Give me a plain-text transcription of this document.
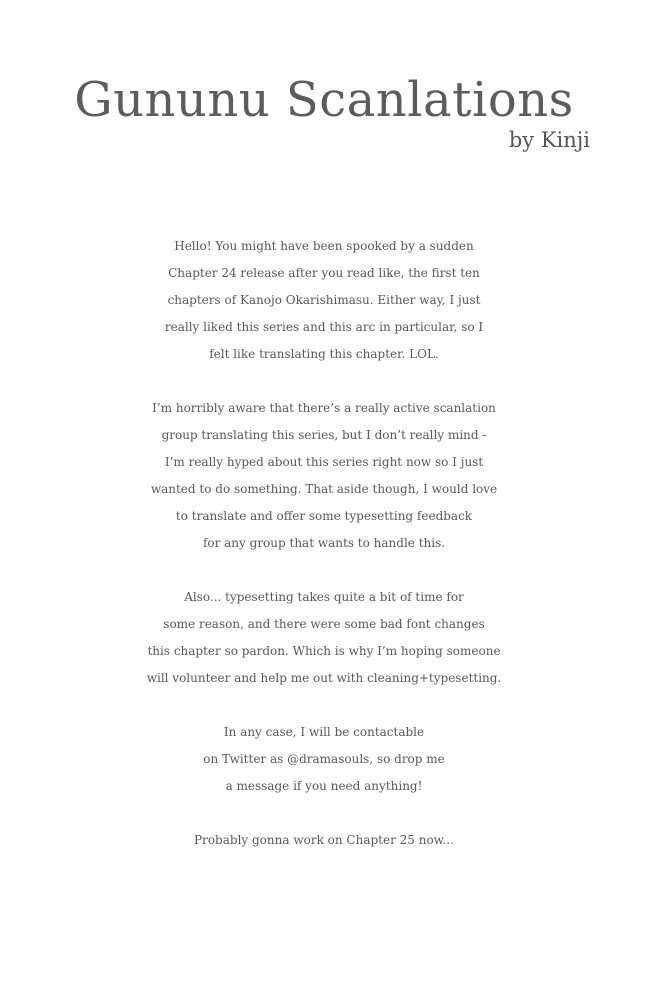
Gununu Scanlations
by Kinji
Hello! You might have been spooked by a sudden
Chapter 24 release after you read like, the first ten
chapters of Kanojo Okarishimasu. Either way, I just
really liked this series and this arc in particular, so I
felt like translating this chapter. LOL.
I’m horribly aware that there’s a really active scanlation
group translating this series, but I don’t really mind -
I’m really hyped about this series right now so I just
wanted to do something. That aside though, I would love
to translate and offer some typesetting feedback
for any group that wants to handle this.
Also... typesetting takes quite a bit of time for
some reason, and there were some bad font changes
this chapter so pardon. Which is why I’m hoping someone
will volunteer and help me out with cleaning+typesetting.
In any case, I will be contactable
on Twitter as @dramasouls, so drop me
a message if you need anything!
Probably gonna work on Chapter 25 now...
